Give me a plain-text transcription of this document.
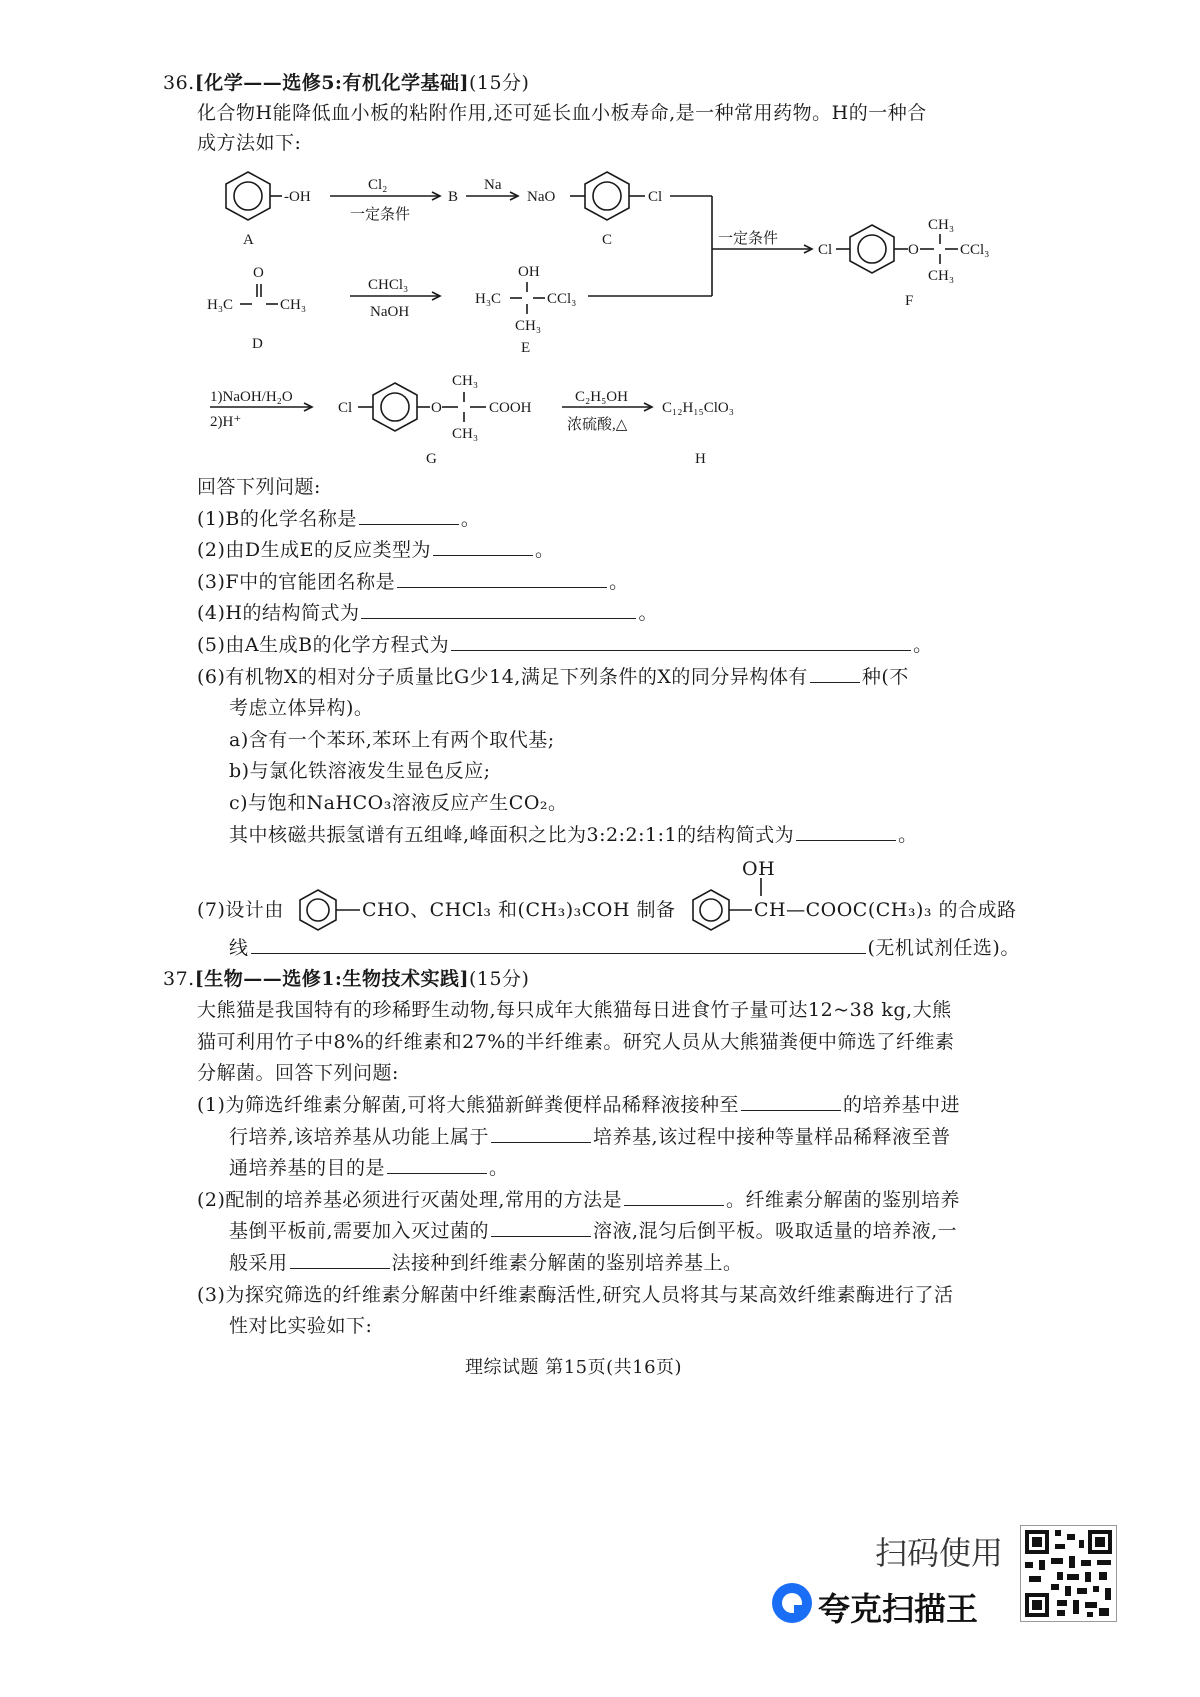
36.[化学——选修5:有机化学基础](15分)
化合物H能降低血小板的粘附作用,还可延长血小板寿命,是一种常用药物。H的一种合
成方法如下:
-OH
A
Cl₂
一定条件
B
Na
NaO	Cl
C	一定条件
Cl	O	CCl₃
CH₃
CH₃
F
O
H₃C	CH₃
D
CHCl₃
NaOH
OH
H₃C	CCl₃
CH₃
E
1)NaOH/H₂O
2)H⁺
Cl	O	COOH
CH₃
CH₃
G
C₂H₅OH
浓硫酸,△
C₁₂H₁₅ClO₃
H
回答下列问题:
(1)B的化学名称是	。
(2)由D生成E的反应类型为	。
(3)F中的官能团名称是	。
(4)H的结构简式为	。
(5)由A生成B的化学方程式为	。
(6)有机物X的相对分子质量比G少14,满足下列条件的X的同分异构体有	种(不
考虑立体异构)。
a)含有一个苯环,苯环上有两个取代基;
b)与氯化铁溶液发生显色反应;
c)与饱和NaHCO₃溶液反应产生CO₂。
其中核磁共振氢谱有五组峰,峰面积之比为3:2:2:1:1的结构简式为	。
OH
(7)设计由	CHO、CHCl₃ 和(CH₃)₃COH 制备	CH—COOC(CH₃)₃ 的合成路
线	(无机试剂任选)。
37.[生物——选修1:生物技术实践](15分)
大熊猫是我国特有的珍稀野生动物,每只成年大熊猫每日进食竹子量可达12~38 kg,大熊
猫可利用竹子中8%的纤维素和27%的半纤维素。研究人员从大熊猫粪便中筛选了纤维素
分解菌。回答下列问题:
(1)为筛选纤维素分解菌,可将大熊猫新鲜粪便样品稀释液接种至	的培养基中进
行培养,该培养基从功能上属于	培养基,该过程中接种等量样品稀释液至普
通培养基的目的是	。
(2)配制的培养基必须进行灭菌处理,常用的方法是	。纤维素分解菌的鉴别培养
基倒平板前,需要加入灭过菌的	溶液,混匀后倒平板。吸取适量的培养液,一
般采用	法接种到纤维素分解菌的鉴别培养基上。
(3)为探究筛选的纤维素分解菌中纤维素酶活性,研究人员将其与某高效纤维素酶进行了活
性对比实验如下:
理综试题 第15页(共16页)
扫码使用
夸克扫描王
